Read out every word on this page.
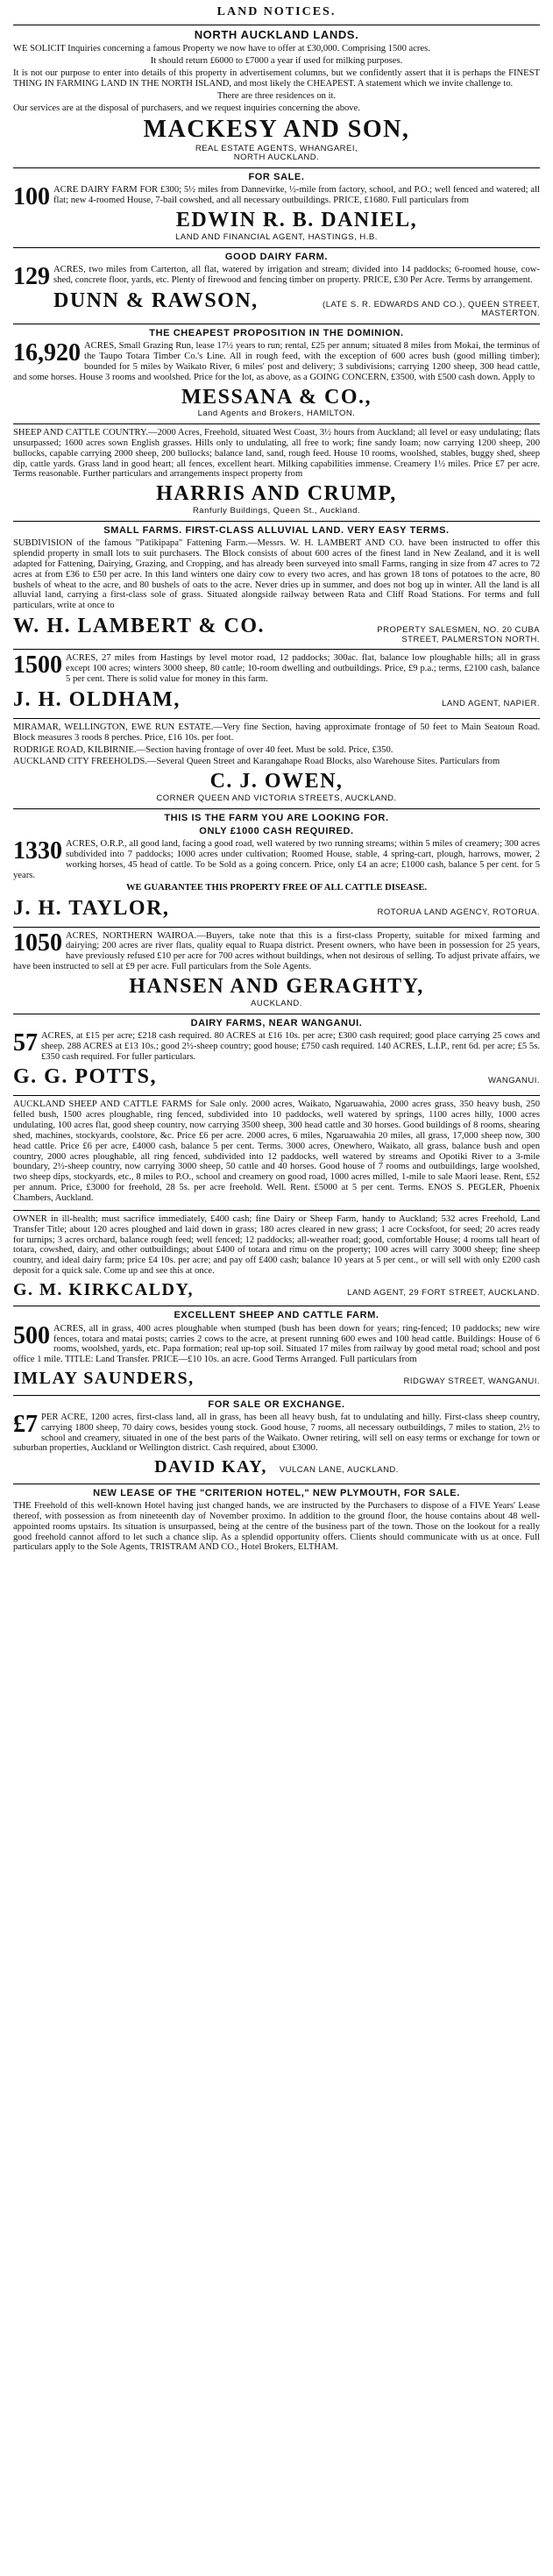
LAND NOTICES.
NORTH AUCKLAND LANDS.

WE SOLICIT Inquiries concerning a famous Property we now have to offer at £30,000. Comprising 1500 acres.

It should return £6000 to £7000 a year if used for milking purposes.

It is not our purpose to enter into details of this property in advertisement columns, but we confidently assert that it is perhaps the FINEST THING IN FARMING LAND IN THE NORTH ISLAND, and most likely the CHEAPEST. A statement which we invite challenge to.

There are three residences on it.

Our services are at the disposal of purchasers, and we request inquiries concerning the above.

MACKESY AND SON,
REAL ESTATE AGENTS, WHANGAREI,
NORTH AUCKLAND.
FOR SALE.
100 ACRE DAIRY FARM FOR £300; 5½ miles from Dannevirke, ½-mile from factory, school, and P.O.; well fenced and watered; all flat; new 4-roomed House, 7-bail cowshed, and all necessary outbuildings. PRICE, £1680. Full particulars from

EDWIN R. B. DANIEL,
LAND AND FINANCIAL AGENT, HASTINGS, H.B.
GOOD DAIRY FARM.
129 ACRES, two miles from Carterton, all flat, watered by irrigation and stream; divided into 14 paddocks; 6-roomed house, cow-shed, concrete floor, yards, etc. Plenty of firewood and fencing timber on property. PRICE, £30 Per Acre. Terms by arrangement.

DUNN & RAWSON,	(LATE S. R. EDWARDS AND CO.), QUEEN STREET, MASTERTON.
THE CHEAPEST PROPOSITION IN THE DOMINION.
16,920 ACRES, Small Grazing Run, lease 17½ years to run; rental, £25 per annum; situated 8 miles from Mokai, the terminus of the Taupo Totara Timber Co.'s Line. All in rough feed, with the exception of 600 acres bush (good milling timber); bounded for 5 miles by Waikato River, 6 miles' post and delivery; 3 subdivisions; carrying 1200 sheep, 300 head cattle, and some horses. House 3 rooms and woolshed. Price for the lot, as above, as a GOING CONCERN, £3500, with £500 cash down. Apply to

MESSANA & CO.,
Land Agents and Brokers, HAMILTON.

SHEEP AND CATTLE COUNTRY.—2000 Acres, Freehold, situated West Coast, 3½ hours from Auckland; all level or easy undulating; flats unsurpassed; 1600 acres sown English grasses. Hills only to undulating, all free to work; fine sandy loam; now carrying 1200 sheep, 200 bullocks, capable carrying 2000 sheep, 200 bullocks; balance land, sand, rough feed. House 10 rooms, woolshed, stables, buggy shed, sheep dip, cattle yards. Grass land in good heart; all fences, excellent heart. Milking capabilities immense. Creamery 1½ miles. Price £7 per acre. Terms reasonable. Further particulars and arrangements inspect property from

HARRIS AND CRUMP,
Ranfurly Buildings, Queen St., Auckland.
SMALL FARMS. FIRST-CLASS ALLUVIAL LAND. VERY EASY TERMS.

SUBDIVISION of the famous "Patikipapa" Fattening Farm.—Messrs. W. H. LAMBERT AND CO. have been instructed to offer this splendid property in small lots to suit purchasers. The Block consists of about 600 acres of the finest land in New Zealand, and it is well adapted for Fattening, Dairying, Grazing, and Cropping, and has already been surveyed into small Farms, ranging in size from 47 acres to 72 acres at from £36 to £50 per acre. In this land winters one dairy cow to every two acres, and has grown 18 tons of potatoes to the acre, 80 bushels of wheat to the acre, and 80 bushels of oats to the acre. Never dries up in summer, and does not bog up in winter. All the land is all alluvial land, carrying a first-class sole of grass. Situated alongside railway between Rata and Cliff Road Stations. For terms and full particulars, write at once to

W. H. LAMBERT & CO.	PROPERTY SALESMEN, NO. 20 CUBA STREET, PALMERSTON NORTH.
1500 ACRES, 27 miles from Hastings by level motor road, 12 paddocks; 300ac. flat, balance low ploughable hills; all in grass except 100 acres; winters 3000 sheep, 80 cattle; 10-room dwelling and outbuildings. Price, £9 p.a.; terms, £2100 cash, balance 5 per cent. There is solid value for money in this farm.

J. H. OLDHAM,	LAND AGENT, NAPIER.

MIRAMAR, WELLINGTON, EWE RUN ESTATE.—Very fine Section, having approximate frontage of 50 feet to Main Seatoun Road. Block measures 3 roods 8 perches. Price, £16 10s. per foot.

RODRIGE ROAD, KILBIRNIE.—Section having frontage of over 40 feet. Must be sold. Price, £350.

AUCKLAND CITY FREEHOLDS.—Several Queen Street and Karangahape Road Blocks, also Warehouse Sites. Particulars from

C. J. OWEN,
CORNER QUEEN AND VICTORIA STREETS, AUCKLAND.
THIS IS THE FARM YOU ARE LOOKING FOR.
ONLY £1000 CASH REQUIRED.
1330 ACRES, O.R.P., all good land, facing a good road, well watered by two running streams; within 5 miles of creamery; 300 acres subdivided into 7 paddocks; 1000 acres under cultivation; Roomed House, stable, 4 spring-cart, plough, harrows, mower, 2 working horses, 45 head of cattle. To be Sold as a going concern. Price, only £4 an acre; £1000 cash, balance 5 per cent. for 5 years.

WE GUARANTEE THIS PROPERTY FREE OF ALL CATTLE DISEASE.

J. H. TAYLOR,	ROTORUA LAND AGENCY, ROTORUA.
1050 ACRES, NORTHERN WAIROA.—Buyers, take note that this is a first-class Property, suitable for mixed farming and dairying; 200 acres are river flats, quality equal to Ruapa district. Present owners, who have been in possession for 25 years, have previously refused £10 per acre for 700 acres without buildings, when not desirous of selling. To adjust private affairs, we have been instructed to sell at £9 per acre. Full particulars from the Sole Agents.

HANSEN AND GERAGHTY,
AUCKLAND.
DAIRY FARMS, NEAR WANGANUI.
57 ACRES, at £15 per acre; £218 cash required. 80 ACRES at £16 10s. per acre; £300 cash required; good place carrying 25 cows and sheep. 288 ACRES at £13 10s.; good 2½-sheep country; good house; £750 cash required. 140 ACRES, L.I.P., rent 6d. per acre; £5 5s. £350 cash required. For fuller particulars.

G. G. POTTS,	WANGANUI.

AUCKLAND SHEEP AND CATTLE FARMS for Sale only. 2000 acres, Waikato, Ngaruawahia, 2000 acres grass, 350 heavy bush, 250 felled bush, 1500 acres ploughable, ring fenced, subdivided into 10 paddocks, well watered by springs, 1100 acres hilly, 1000 acres undulating, 100 acres flat, good sheep country, now carrying 3500 sheep, 300 head cattle and 30 horses. Good buildings of 8 rooms, shearing shed, machines, stockyards, coolstore, &c. Price £6 per acre. 2000 acres, 6 miles, Ngaruawahia 20 miles, all grass, 17,000 sheep now, 300 head cattle. Price £6 per acre, £4000 cash, balance 5 per cent. Terms. 3000 acres, Onewhero, Waikato, all grass, balance bush and open country, 2000 acres ploughable, all ring fenced, subdivided into 12 paddocks, well watered by streams and Opotiki River to a 3-mile boundary, 2½-sheep country, now carrying 3000 sheep, 50 cattle and 40 horses. Good house of 7 rooms and outbuildings, large woolshed, two sheep dips, stockyards, etc., 8 miles to P.O., school and creamery on good road, 1000 acres milled, 1-mile to sale Maori lease. Rent, £52 per annum. Price, £3000 for freehold, 28 5s. per acre freehold. Well. Rent. £5000 at 5 per cent. Terms. ENOS S. PEGLER, Phoenix Chambers, Auckland.

OWNER in ill-health; must sacrifice immediately, £400 cash; fine Dairy or Sheep Farm, handy to Auckland; 532 acres Freehold, Land Transfer Title; about 120 acres ploughed and laid down in grass; 180 acres cleared in new grass; 1 acre Cocksfoot, for seed; 20 acres ready for turnips; 3 acres orchard, balance rough feed; well fenced; 12 paddocks; all-weather road; good, comfortable House; 4 rooms tall heart of totara, cowshed, dairy, and other outbuildings; about £400 of totara and rimu on the property; 100 acres will carry 3000 sheep; fine sheep country, and ideal dairy farm; price £4 10s. per acre; and pay off £400 cash; balance 10 years at 5 per cent., or will sell with only £200 cash deposit for a quick sale. Come up and see this at once.

G. M. KIRKCALDY,	LAND AGENT, 29 FORT STREET, AUCKLAND.
EXCELLENT SHEEP AND CATTLE FARM.
500 ACRES, all in grass, 400 acres ploughable when stumped (bush has been down for years; ring-fenced; 10 paddocks; new wire fences, totara and matai posts; carries 2 cows to the acre, at present running 600 ewes and 100 head cattle. Buildings: House of 6 rooms, woolshed, yards, etc. Papa formation; real up-top soil. Situated 17 miles from railway by good metal road; school and post office 1 mile. TITLE: Land Transfer. PRICE—£10 10s. an acre. Good Terms Arranged. Full particulars from

IMLAY SAUNDERS,	RIDGWAY STREET, WANGANUI.
FOR SALE OR EXCHANGE.
£7 PER ACRE, 1200 acres, first-class land, all in grass, has been all heavy bush, fat to undulating and hilly. First-class sheep country, carrying 1800 sheep, 70 dairy cows, besides young stock. Good house, 7 rooms, all necessary outbuildings, 7 miles to station, 2½ to school and creamery, situated in one of the best parts of the Waikato. Owner retiring, will sell on easy terms or exchange for town or suburban properties, Auckland or Wellington district. Cash required, about £3000.

DAVID KAY, VULCAN LANE, AUCKLAND.
NEW LEASE OF THE "CRITERION HOTEL," NEW PLYMOUTH, FOR SALE.

THE Freehold of this well-known Hotel having just changed hands, we are instructed by the Purchasers to dispose of a FIVE Years' Lease thereof, with possession as from nineteenth day of November proximo. In addition to the ground floor, the house contains about 48 well-appointed rooms upstairs. Its situation is unsurpassed, being at the centre of the business part of the town. Those on the lookout for a really good freehold cannot afford to let such a chance slip. As a splendid opportunity offers. Clients should communicate with us at once. Full particulars apply to the Sole Agents, TRISTRAM AND CO., Hotel Brokers, ELTHAM.
